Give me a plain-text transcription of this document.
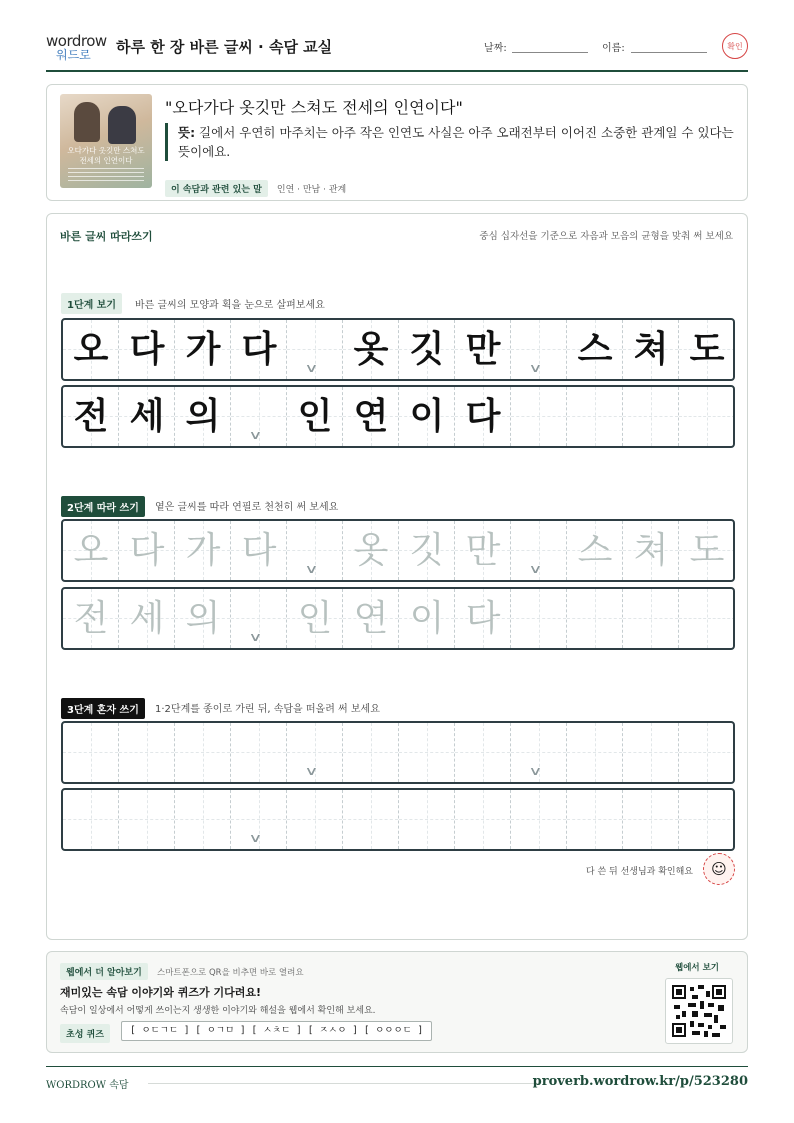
wordrow
워드로 하루 한 장 바른 글씨 · 속담 교실	날짜:	이름:	확인
오다가다 옷깃만 스쳐도 전세의 인연이다
"오다가다 옷깃만 스쳐도 전세의 인연이다"
뜻: 길에서 우연히 마주치는 아주 작은 인연도 사실은 아주 오래전부터 이어진 소중한 관계일 수 있다는 뜻이에요.
이 속담과 관련 있는 말 인연 · 만남 · 관계
바른 글씨 따라쓰기	중심 십자선을 기준으로 자음과 모음의 균형을 맞춰 써 보세요
1단계 보기	바른 글씨의 모양과 획을 눈으로 살펴보세요
오 다 가 다	∨ 옷 깃 만	∨ 스 쳐 도
전 세 의	∨ 인 연 이 다
2단계 따라 쓰기	옅은 글씨를 따라 연필로 천천히 써 보세요
오 다 가 다	∨ 옷 깃 만	∨ 스 쳐 도
전 세 의	∨ 인 연 이 다
3단계 혼자 쓰기	1·2단계를 종이로 가린 뒤, 속담을 떠올려 써 보세요
∨	∨
∨
다 쓴 뒤 선생님과 확인해요	☺
웹에서 더 알아보기	스마트폰으로 QR을 비추면 바로 열려요
재미있는 속담 이야기와 퀴즈가 기다려요!
속담이 일상에서 어떻게 쓰이는지 생생한 이야기와 해설을 웹에서 확인해 보세요.
초성 퀴즈	[ ㅇㄷㄱㄷ ] [ ㅇㄱㅁ ] [ ㅅㅊㄷ ] [ ㅈㅅㅇ ] [ ㅇㅇㅇㄷ ]
웹에서 보기
WORDROW 속담	proverb.wordrow.kr/p/523280
